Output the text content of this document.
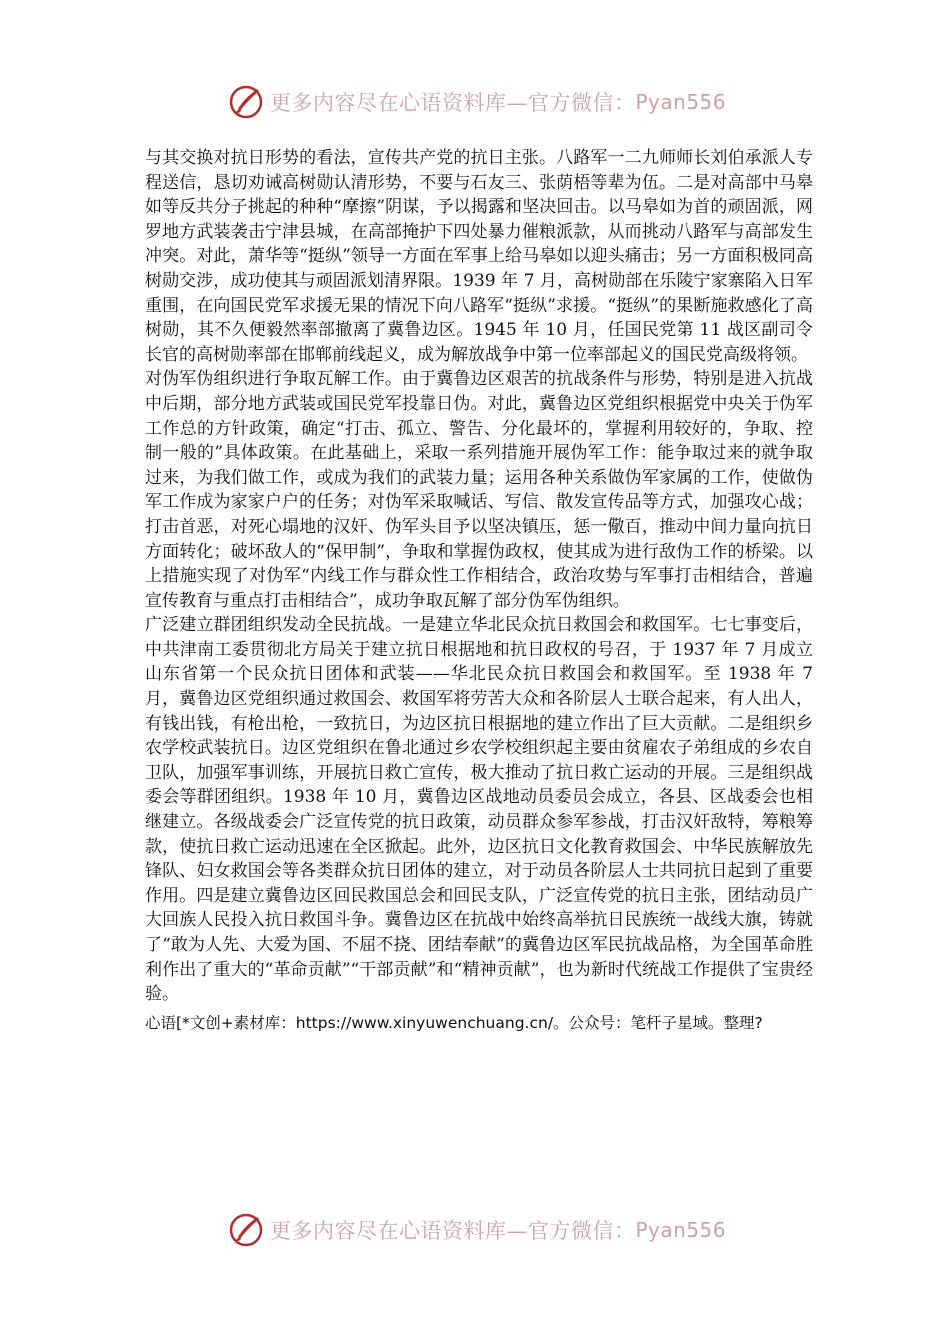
更多内容尽在心语资料库—官方微信： Pyan556

与其交换对抗日形势的看法，宣传共产党的抗日主张。八路军一二九师师长刘伯承派人专程送信，恳切劝诫高树勋认清形势，不要与石友三、张荫梧等辈为伍。二是对高部中马皋如等反共分子挑起的种种“摩擦”阴谋，予以揭露和坚决回击。以马皋如为首的顽固派，网罗地方武装袭击宁津县城，在高部掩护下四处暴力催粮派款，从而挑动八路军与高部发生冲突。对此，萧华等“挺纵”领导一方面在军事上给马皋如以迎头痛击；另一方面积极同高树勋交涉，成功使其与顽固派划清界限。1939 年 7 月，高树勋部在乐陵宁家寨陷入日军重围，在向国民党军求援无果的情况下向八路军“挺纵”求援。“挺纵”的果断施救感化了高树勋，其不久便毅然率部撤离了冀鲁边区。1945 年 10 月，任国民党第 11 战区副司令长官的高树勋率部在邯郸前线起义，成为解放战争中第一位率部起义的国民党高级将领。

对伪军伪组织进行争取瓦解工作。由于冀鲁边区艰苦的抗战条件与形势，特别是进入抗战中后期，部分地方武装或国民党军投靠日伪。对此，冀鲁边区党组织根据党中央关于伪军工作总的方针政策，确定“打击、孤立、警告、分化最坏的，掌握利用较好的，争取、控制一般的”具体政策。在此基础上，采取一系列措施开展伪军工作：能争取过来的就争取过来，为我们做工作，或成为我们的武装力量；运用各种关系做伪军家属的工作，使做伪军工作成为家家户户的任务；对伪军采取喊话、写信、散发宣传品等方式，加强攻心战；打击首恶，对死心塌地的汉奸、伪军头目予以坚决镇压，惩一儆百，推动中间力量向抗日方面转化；破坏敌人的“保甲制”，争取和掌握伪政权，使其成为进行敌伪工作的桥梁。以上措施实现了对伪军“内线工作与群众性工作相结合，政治攻势与军事打击相结合，普遍宣传教育与重点打击相结合”，成功争取瓦解了部分伪军伪组织。

广泛建立群团组织发动全民抗战。一是建立华北民众抗日救国会和救国军。七七事变后，中共津南工委贯彻北方局关于建立抗日根据地和抗日政权的号召，于 1937 年 7 月成立山东省第一个民众抗日团体和武装——华北民众抗日救国会和救国军。至 1938 年 7 月，冀鲁边区党组织通过救国会、救国军将劳苦大众和各阶层人士联合起来，有人出人，有钱出钱，有枪出枪，一致抗日，为边区抗日根据地的建立作出了巨大贡献。二是组织乡农学校武装抗日。边区党组织在鲁北通过乡农学校组织起主要由贫雇农子弟组成的乡农自卫队，加强军事训练，开展抗日救亡宣传，极大推动了抗日救亡运动的开展。三是组织战委会等群团组织。1938 年 10 月，冀鲁边区战地动员委员会成立，各县、区战委会也相继建立。各级战委会广泛宣传党的抗日政策，动员群众参军参战，打击汉奸敌特，筹粮筹款，使抗日救亡运动迅速在全区掀起。此外，边区抗日文化教育救国会、中华民族解放先锋队、妇女救国会等各类群众抗日团体的建立，对于动员各阶层人士共同抗日起到了重要作用。四是建立冀鲁边区回民救国总会和回民支队，广泛宣传党的抗日主张，团结动员广大回族人民投入抗日救国斗争。冀鲁边区在抗战中始终高举抗日民族统一战线大旗，铸就了“敢为人先、大爱为国、不屈不挠、团结奉献”的冀鲁边区军民抗战品格，为全国革命胜利作出了重大的“革命贡献”“干部贡献”和“精神贡献”，也为新时代统战工作提供了宝贵经验。

心语[*文创+素材库：https://www.xinyuwenchuang.cn/。公众号：笔杆子星域。整理?

更多内容尽在心语资料库—官方微信： Pyan556
